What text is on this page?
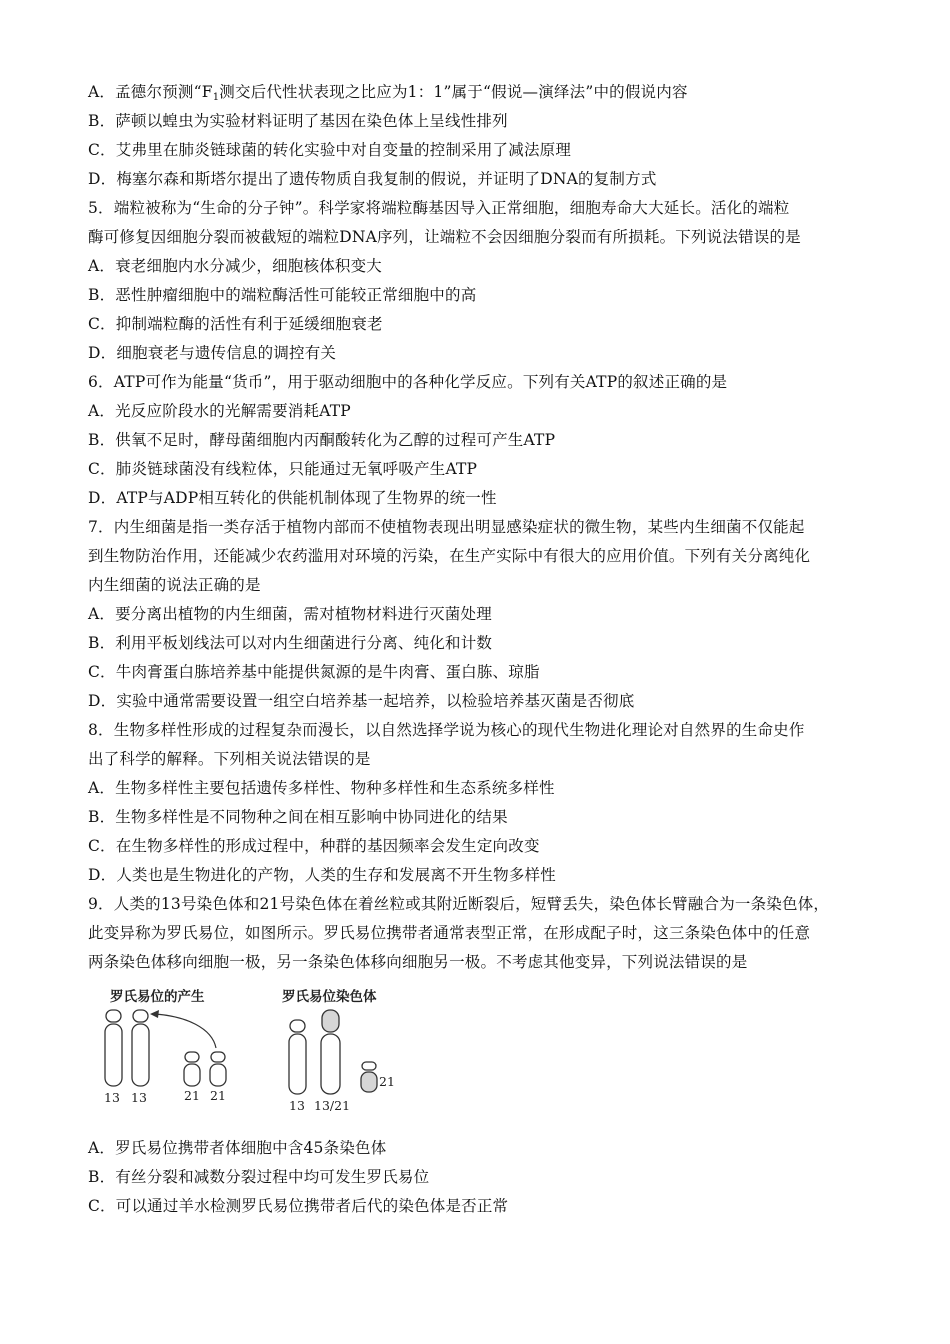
A．孟德尔预测“$F_1$测交后代性状表现之比应为1：1”属于“假说—演绎法”中的假说内容
B．萨顿以蝗虫为实验材料证明了基因在染色体上呈线性排列
C．艾弗里在肺炎链球菌的转化实验中对自变量的控制采用了减法原理
D．梅塞尔森和斯塔尔提出了遗传物质自我复制的假说，并证明了DNA的复制方式
5．端粒被称为“生命的分子钟”。科学家将端粒酶基因导入正常细胞，细胞寿命大大延长。活化的端粒
酶可修复因细胞分裂而被截短的端粒DNA序列，让端粒不会因细胞分裂而有所损耗。下列说法错误的是
A．衰老细胞内水分减少，细胞核体积变大
B．恶性肿瘤细胞中的端粒酶活性可能较正常细胞中的高
C．抑制端粒酶的活性有利于延缓细胞衰老
D．细胞衰老与遗传信息的调控有关
6．ATP可作为能量“货币”，用于驱动细胞中的各种化学反应。下列有关ATP的叙述正确的是
A．光反应阶段水的光解需要消耗ATP
B．供氧不足时，酵母菌细胞内丙酮酸转化为乙醇的过程可产生ATP
C．肺炎链球菌没有线粒体，只能通过无氧呼吸产生ATP
D．ATP与ADP相互转化的供能机制体现了生物界的统一性
7．内生细菌是指一类存活于植物内部而不使植物表现出明显感染症状的微生物，某些内生细菌不仅能起
到生物防治作用，还能减少农药滥用对环境的污染，在生产实际中有很大的应用价值。下列有关分离纯化
内生细菌的说法正确的是
A．要分离出植物的内生细菌，需对植物材料进行灭菌处理
B．利用平板划线法可以对内生细菌进行分离、纯化和计数
C．牛肉膏蛋白胨培养基中能提供氮源的是牛肉膏、蛋白胨、琼脂
D．实验中通常需要设置一组空白培养基一起培养，以检验培养基灭菌是否彻底
8．生物多样性形成的过程复杂而漫长，以自然选择学说为核心的现代生物进化理论对自然界的生命史作
出了科学的解释。下列相关说法错误的是
A．生物多样性主要包括遗传多样性、物种多样性和生态系统多样性
B．生物多样性是不同物种之间在相互影响中协同进化的结果
C．在生物多样性的形成过程中，种群的基因频率会发生定向改变
D．人类也是生物进化的产物，人类的生存和发展离不开生物多样性
9．人类的13号染色体和21号染色体在着丝粒或其附近断裂后，短臂丢失，染色体长臂融合为一条染色体，
此变异称为罗氏易位，如图所示。罗氏易位携带者通常表型正常，在形成配子时，这三条染色体中的任意
两条染色体移向细胞一极，另一条染色体移向细胞另一极。不考虑其他变异，下列说法错误的是
罗氏易位的产生	罗氏易位染色体
13 13	21 21
13 13/21
21
A．罗氏易位携带者体细胞中含45条染色体
B．有丝分裂和减数分裂过程中均可发生罗氏易位
C．可以通过羊水检测罗氏易位携带者后代的染色体是否正常
